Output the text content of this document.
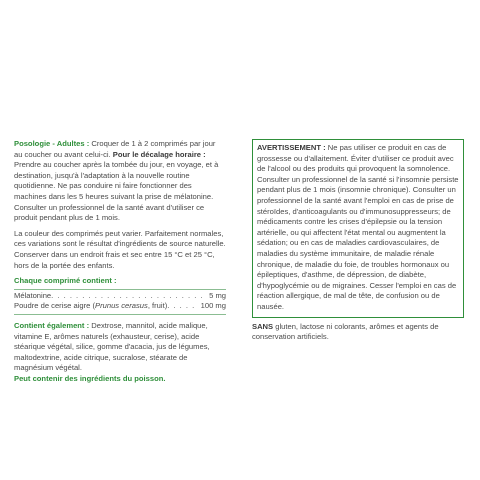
Posologie - Adultes : Croquer de 1 à 2 comprimés par jour au coucher ou avant celui-ci. Pour le décalage horaire : Prendre au coucher après la tombée du jour, en voyage, et à destination, jusqu'à l'adaptation à la nouvelle routine quotidienne. Ne pas conduire ni faire fonctionner des machines dans les 5 heures suivant la prise de mélatonine. Consulter un professionnel de la santé avant d'utiliser ce produit pendant plus de 1 mois.

La couleur des comprimés peut varier. Parfaitement normales, ces variations sont le résultat d'ingrédients de source naturelle. Conserver dans un endroit frais et sec entre 15 °C et 25 °C, hors de la portée des enfants.

Chaque comprimé contient :
Mélatonine . . .	5 mg
Poudre de cerise aigre (Prunus cerasus, fruit) . . .	100 mg

Contient également : Dextrose, mannitol, acide malique, vitamine E, arômes naturels (exhausteur, cerise), acide stéarique végétal, silice, gomme d'acacia, jus de légumes, maltodextrine, acide citrique, sucralose, stéarate de magnésium végétal.

Peut contenir des ingrédients du poisson.

AVERTISSEMENT : Ne pas utiliser ce produit en cas de grossesse ou d'allaitement. Éviter d'utiliser ce produit avec de l'alcool ou des produits qui provoquent la somnolence. Consulter un professionnel de la santé si l'insomnie persiste pendant plus de 1 mois (insomnie chronique). Consulter un professionnel de la santé avant l'emploi en cas de prise de stéroïdes, d'anticoagulants ou d'immunosuppresseurs; de médicaments contre les crises d'épilepsie ou la tension artérielle, ou qui affectent l'état mental ou augmentent la sédation; ou en cas de maladies cardiovasculaires, de maladies du système immunitaire, de maladie rénale chronique, de maladie du foie, de troubles hormonaux ou épileptiques, d'asthme, de dépression, de diabète, d'hypoglycémie ou de migraines. Cesser l'emploi en cas de réaction allergique, de mal de tête, de confusion ou de nausée.

SANS gluten, lactose ni colorants, arômes et agents de conservation artificiels.
